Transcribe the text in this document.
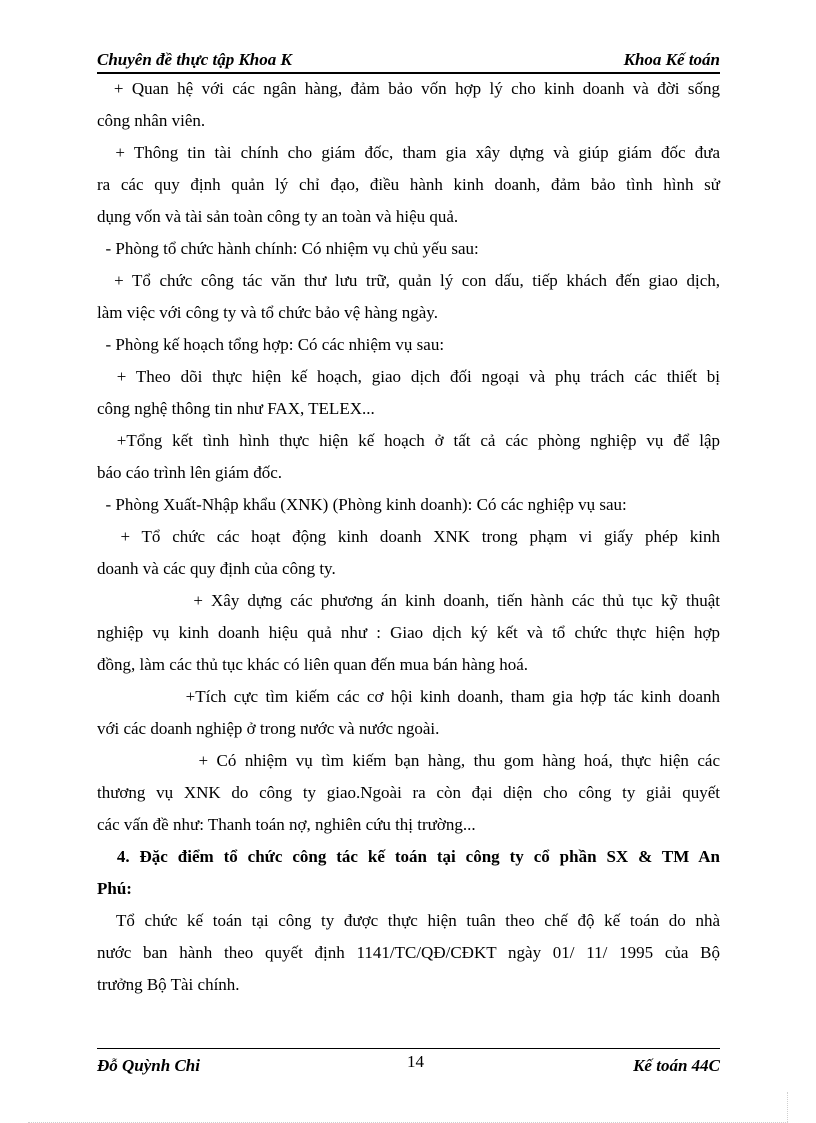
Chuyên đề thực tập Khoa K	Khoa Kế toán
+ Quan hệ với các ngân hàng, đảm bảo vốn hợp lý cho kinh doanh và đời sống
công nhân viên.
+ Thông tin tài chính cho giám đốc, tham gia xây dựng và giúp giám đốc đưa
ra các quy định quản lý chỉ đạo, điều hành kinh doanh, đảm bảo tình hình sử
dụng vốn và tài sản toàn công ty an toàn và hiệu quả.
- Phòng tổ chức hành chính: Có nhiệm vụ chủ yếu sau:
+ Tổ chức công tác văn thư lưu trữ, quản lý con dấu, tiếp khách đến giao dịch,
làm việc với công ty và tổ chức bảo vệ hàng ngày.
- Phòng kế hoạch tổng hợp: Có các nhiệm vụ sau:
+ Theo dõi thực hiện kế hoạch, giao dịch đối ngoại và phụ trách các thiết bị
công nghệ thông tin như FAX, TELEX...
+Tổng kết tình hình thực hiện kế hoạch ở tất cả các phòng nghiệp vụ để lập
báo cáo trình lên giám đốc.
- Phòng Xuất-Nhập khẩu (XNK) (Phòng kinh doanh): Có các nghiệp vụ sau:
+ Tổ chức các hoạt động kinh doanh XNK trong phạm vi giấy phép kinh
doanh và các quy định của công ty.
+ Xây dựng các phương án kinh doanh, tiến hành các thủ tục kỹ thuật
nghiệp vụ kinh doanh hiệu quả như : Giao dịch ký kết và tổ chức thực hiện hợp
đồng, làm các thủ tục khác có liên quan đến mua bán hàng hoá.
+Tích cực tìm kiếm các cơ hội kinh doanh, tham gia hợp tác kinh doanh
với các doanh nghiệp ở trong nước và nước ngoài.
+ Có nhiệm vụ tìm kiếm bạn hàng, thu gom hàng hoá, thực hiện các
thương vụ XNK do công ty giao.Ngoài ra còn đại diện cho công ty giải quyết
các vấn đề như: Thanh toán nợ, nghiên cứu thị trường...
4. Đặc điểm tổ chức công tác kế toán tại công ty cổ phần SX & TM An
Phú:
Tổ chức kế toán tại công ty được thực hiện tuân theo chế độ kế toán do nhà
nước ban hành theo quyết định 1141/TC/QĐ/CĐKT ngày 01/ 11/ 1995 của Bộ
trưởng Bộ Tài chính.
Đỗ Quỳnh Chi	14	Kế toán 44C
